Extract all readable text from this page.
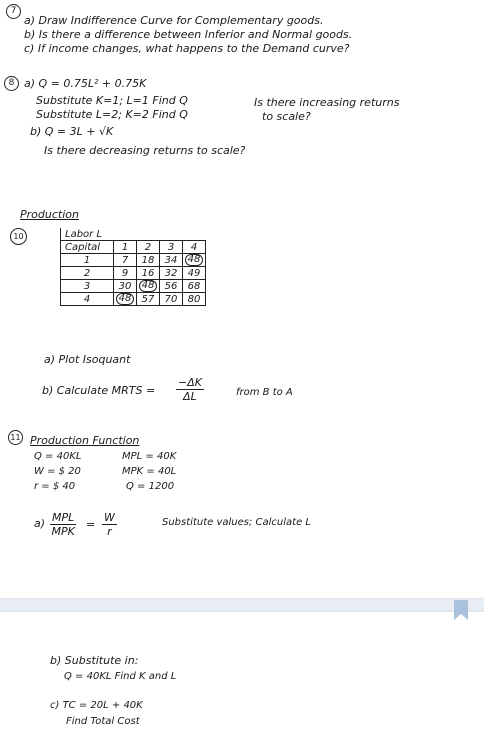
7
a) Draw Indifference Curve for Complementary goods.
b) Is there a difference between Inferior and Normal goods.
c) If income changes, what happens to the Demand curve?
8 a) Q = 0.75L² + 0.75K
Substitute K=1; L=1 Find Q
Substitute L=2; K=2 Find Q
Is there increasing returns
to scale?
b) Q = 3L + √K
Is there decreasing returns to scale?
Production
10	Labor L				
Capital	1	2	3	4
1	7	18	34	48
2	9	16	32	49
3	30	48	56	68
4	48	57	70	80
a) Plot Isoquant
b) Calculate MRTS = $\frac{-\Delta K}{\Delta L}$	from B to A
11 Production Function
Q = 40KL
W = $ 20
r = $ 40
MPL = 40K
MPK = 40L
Q = 1200
a) MPL
MPK
= $\frac{W}{r}$	Substitute values; Calculate L
b) Substitute in:
Q = 40KL Find K and L
c) TC = 20L + 40K
Find Total Cost
